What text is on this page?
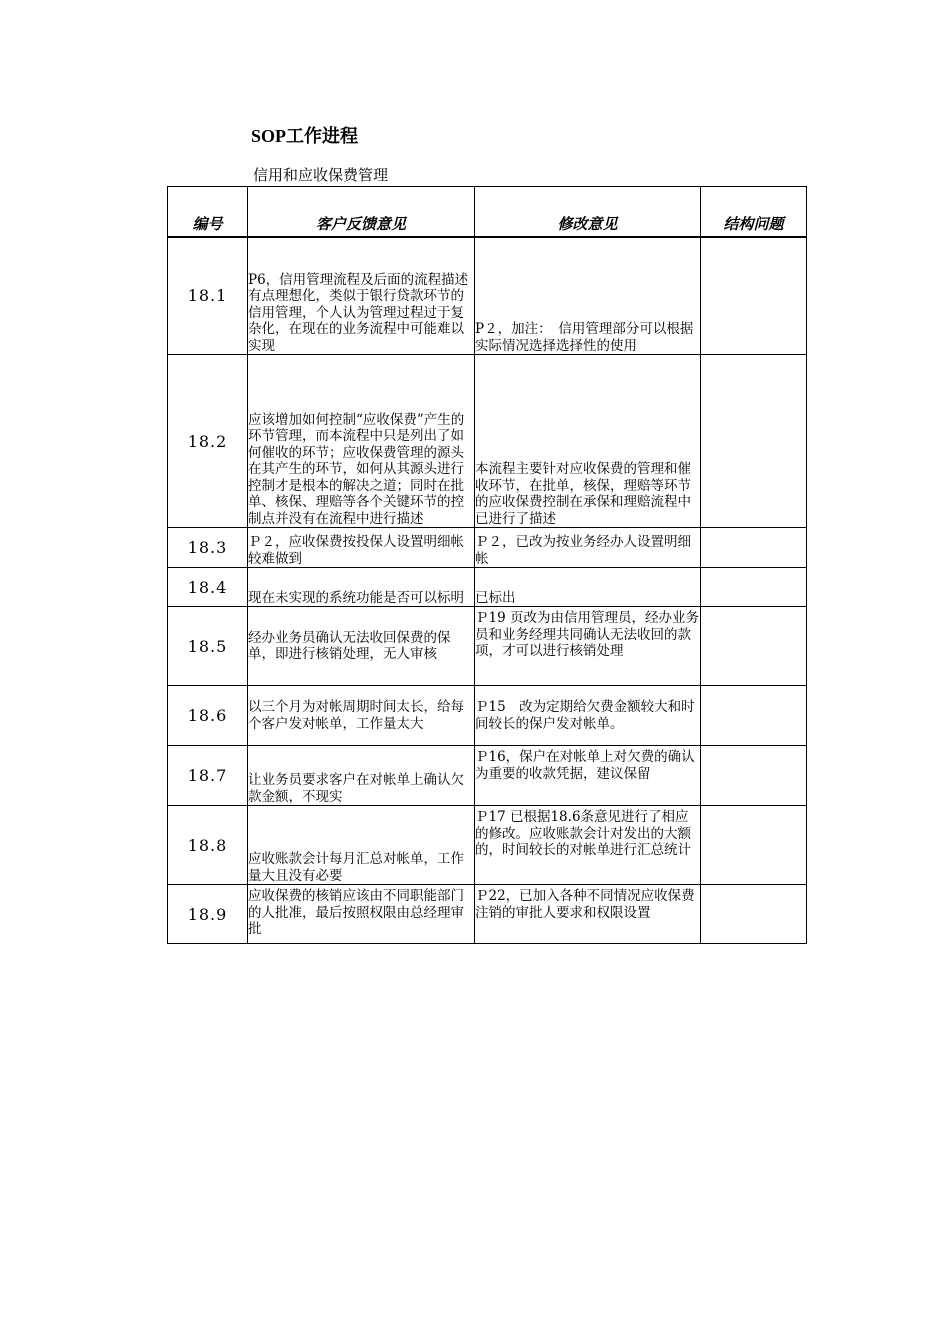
SOP工作进程
信用和应收保费管理
编号	客户反馈意见	修改意见	结构问题
18.1	P6，信用管理流程及后面的流程描述有点理想化，类似于银行贷款环节的信用管理，个人认为管理过程过于复杂化，在现在的业务流程中可能难以实现	P２，加注：　信用管理部分可以根据实际情况选择选择性的使用	
18.2	应该增加如何控制“应收保费”产生的环节管理，而本流程中只是列出了如何催收的环节；应收保费管理的源头在其产生的环节，如何从其源头进行控制才是根本的解决之道；同时在批单、核保、理赔等各个关键环节的控制点并没有在流程中进行描述	本流程主要针对应收保费的管理和催收环节，在批单，核保，理赔等环节的应收保费控制在承保和理赔流程中已进行了描述	
18.3	Ｐ２，应收保费按投保人设置明细帐较难做到	Ｐ２，已改为按业务经办人设置明细帐	
18.4	现在未实现的系统功能是否可以标明	已标出	
18.5	经办业务员确认无法收回保费的保单，即进行核销处理，无人审核	Ｐ19 页改为由信用管理员，经办业务员和业务经理共同确认无法收回的款项，才可以进行核销处理	
18.6	以三个月为对帐周期时间太长，给每个客户发对帐单，工作量太大	Ｐ15　改为定期给欠费金额较大和时间较长的保户发对帐单。	
18.7	让业务员要求客户在对帐单上确认欠款金额，不现实	Ｐ16，保户在对帐单上对欠费的确认为重要的收款凭据，建议保留	
18.8	应收账款会计每月汇总对帐单，工作量大且没有必要	Ｐ17 已根据18.6条意见进行了相应的修改。应收账款会计对发出的大额的，时间较长的对帐单进行汇总统计	
18.9	应收保费的核销应该由不同职能部门的人批准，最后按照权限由总经理审批	Ｐ22，已加入各种不同情况应收保费注销的审批人要求和权限设置	
